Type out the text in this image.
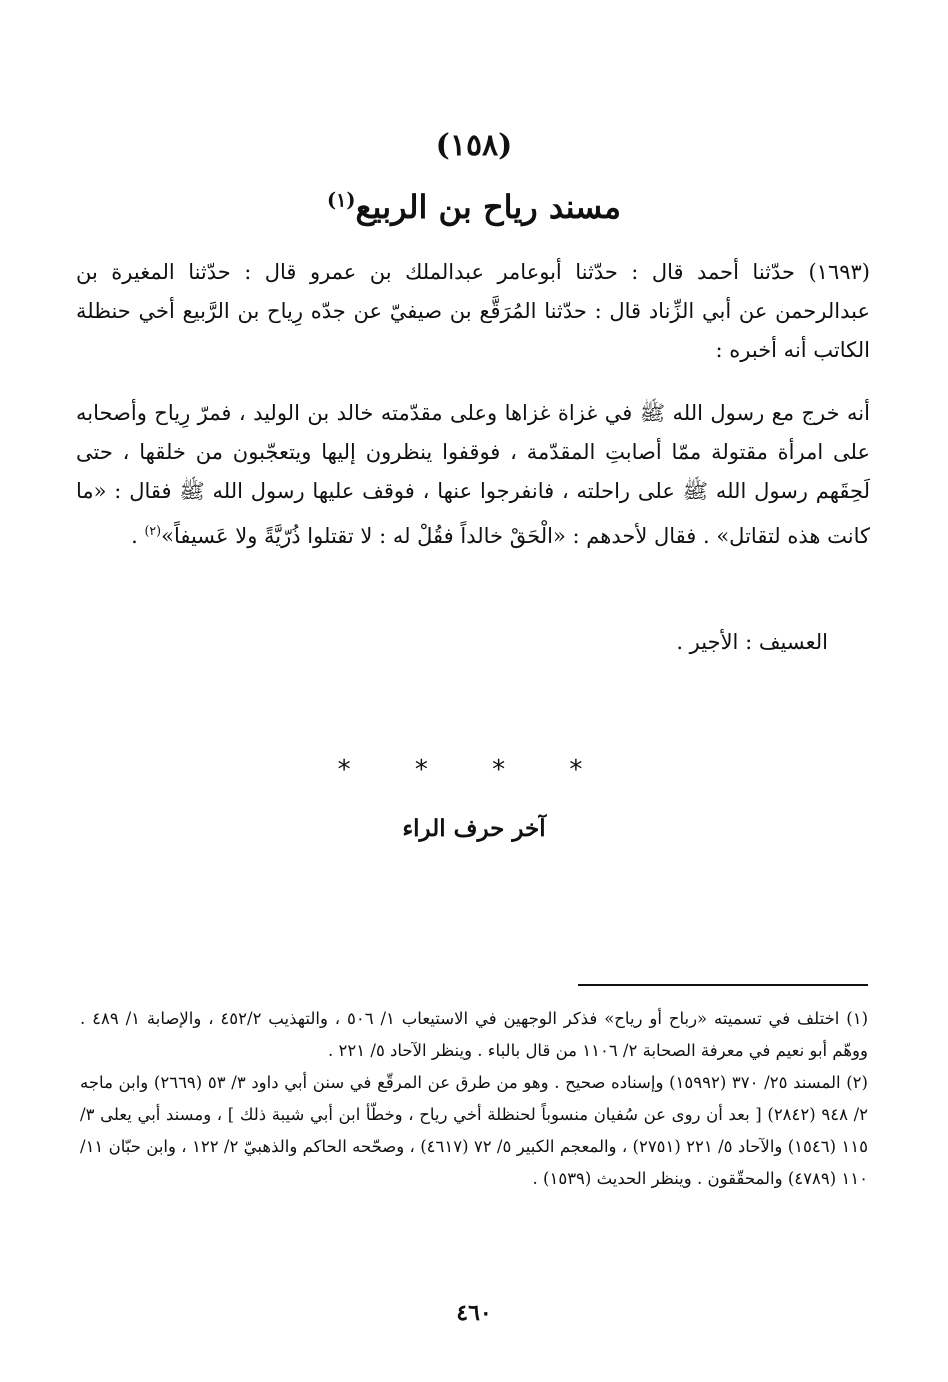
(١٥٨)
مسند رياح بن الربيع$^{(١)}$
(١٦٩٣) حدّثنا أحمد قال : حدّثنا أبوعامر عبدالملك بن عمرو قال : حدّثنا المغيرة بن عبدالرحمن عن أبي الزِّناد قال : حدّثنا المُرَقَّع بن صيفيّ عن جدّه رِياح بن الرَّبيع أخي حنظلة الكاتب أنه أخبره :
أنه خرج مع رسول الله ﷺ في غزاة غزاها وعلى مقدّمته خالد بن الوليد ، فمرّ رِياح وأصحابه على امرأة مقتولة ممّا أصابتِ المقدّمة ، فوقفوا ينظرون إليها ويتعجّبون من خلقها ، حتى لَحِقَهم رسول الله ﷺ على راحلته ، فانفرجوا عنها ، فوقف عليها رسول الله ﷺ فقال : «ما كانت هذه لتقاتل» . فقال لأحدهم : «الْحَقْ خالداً فقُلْ له : لا تقتلوا ذُرّيَّةً ولا عَسيفاً»$^{(٢)}$ .
العسيف : الأجير .
* * * *
آخر حرف الراء

(١) اختلف في تسميته «رباح أو رياح» فذكر الوجهين في الاستيعاب ١/ ٥٠٦ ، والتهذيب ٤٥٢/٢ ، والإصابة ١/ ٤٨٩ . ووهّم أبو نعيم في معرفة الصحابة ٢/ ١١٠٦ من قال بالباء . وينظر الآحاد ٥/ ٢٢١ .

(٢) المسند ٢٥/ ٣٧٠ (١٥٩٩٢) وإسناده صحيح . وهو من طرق عن المرقّع في سنن أبي داود ٣/ ٥٣ (٢٦٦٩) وابن ماجه ٢/ ٩٤٨ (٢٨٤٢) [ بعد أن روى عن سُفيان منسوباً لحنظلة أخي رياح ، وخطّأ ابن أبي شيبة ذلك ] ، ومسند أبي يعلى ٣/ ١١٥ (١٥٤٦) والآحاد ٥/ ٢٢١ (٢٧٥١) ، والمعجم الكبير ٥/ ٧٢ (٤٦١٧) ، وصحّحه الحاكم والذهبيّ ٢/ ١٢٢ ، وابن حبّان ١١/ ١١٠ (٤٧٨٩) والمحقّقون . وينظر الحديث (١٥٣٩) .

٤٦٠
